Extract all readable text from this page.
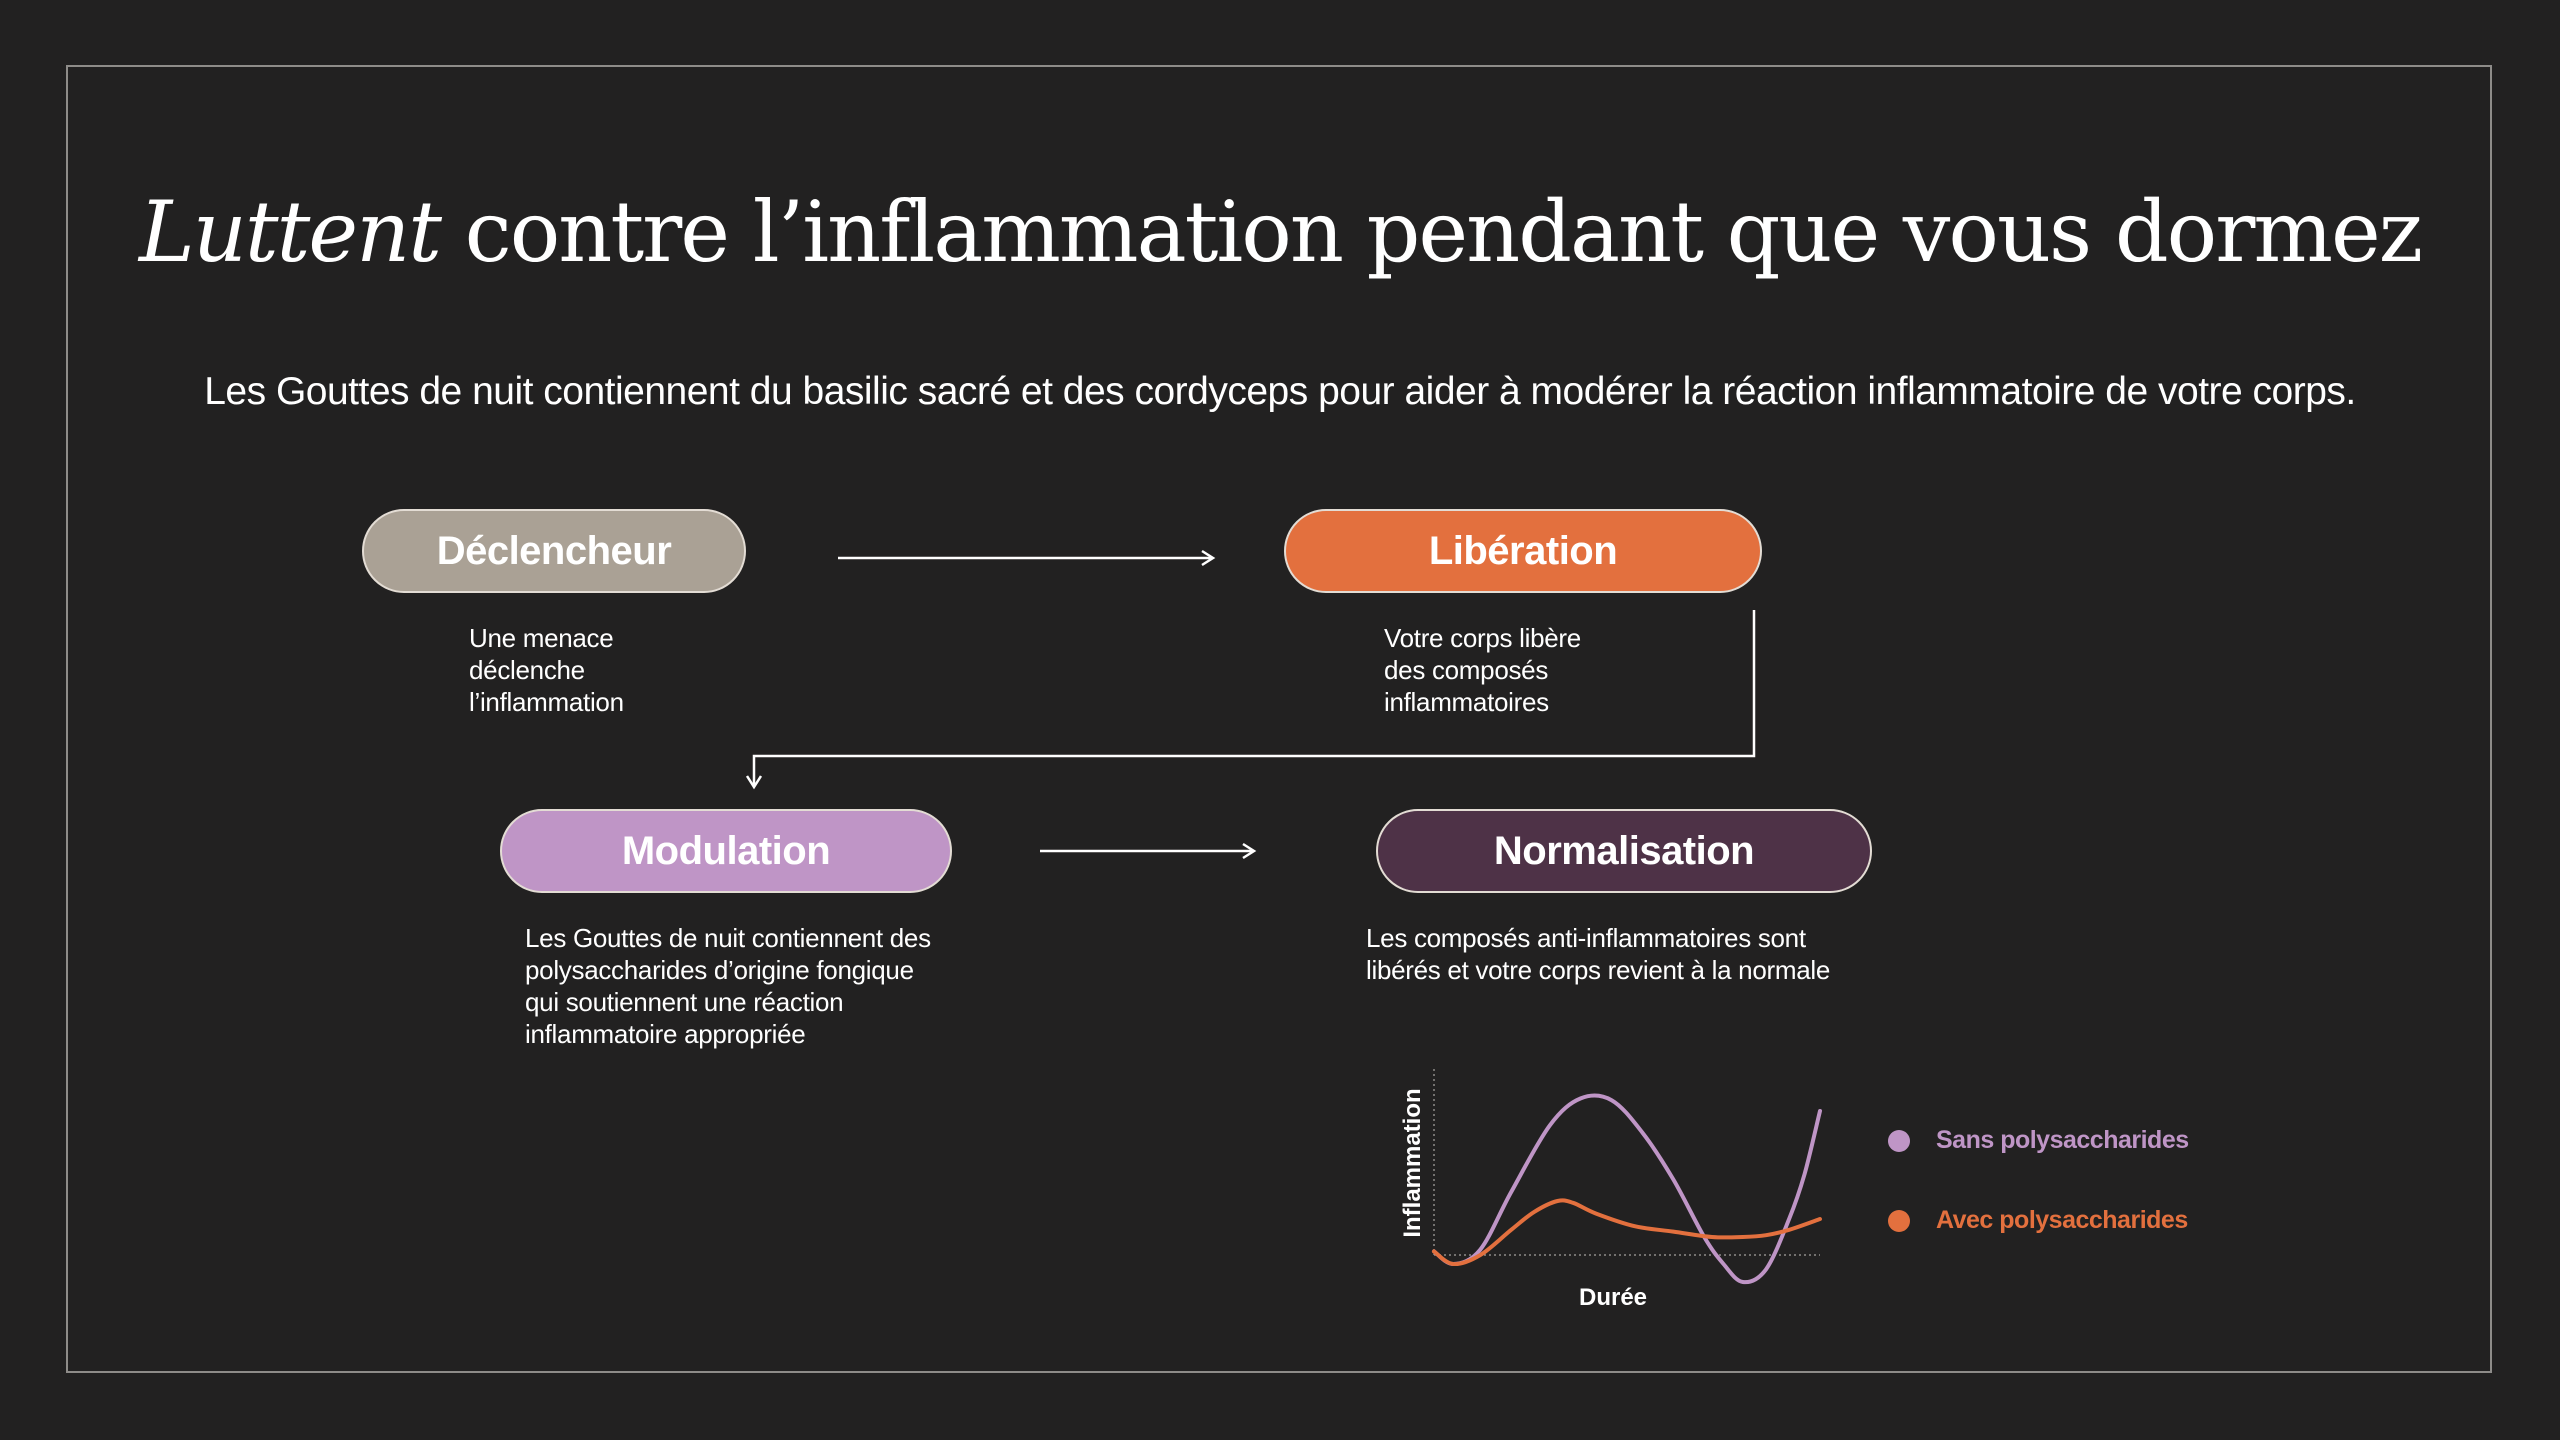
Luttent contre l’inflammation pendant que vous dormez
Les Gouttes de nuit contiennent du basilic sacré et des cordyceps pour aider à modérer la réaction inflammatoire de votre corps.
Déclencheur	Libération
Modulation	Normalisation
Une menace
déclenche
l’inflammation
Votre corps libère
des composés
inflammatoires
Les Gouttes de nuit contiennent des
polysaccharides d’origine fongique
qui soutiennent une réaction
inflammatoire appropriée
Les composés anti-inflammatoires sont
libérés et votre corps revient à la normale
Inflammation
Durée
Sans polysaccharides
Avec polysaccharides
